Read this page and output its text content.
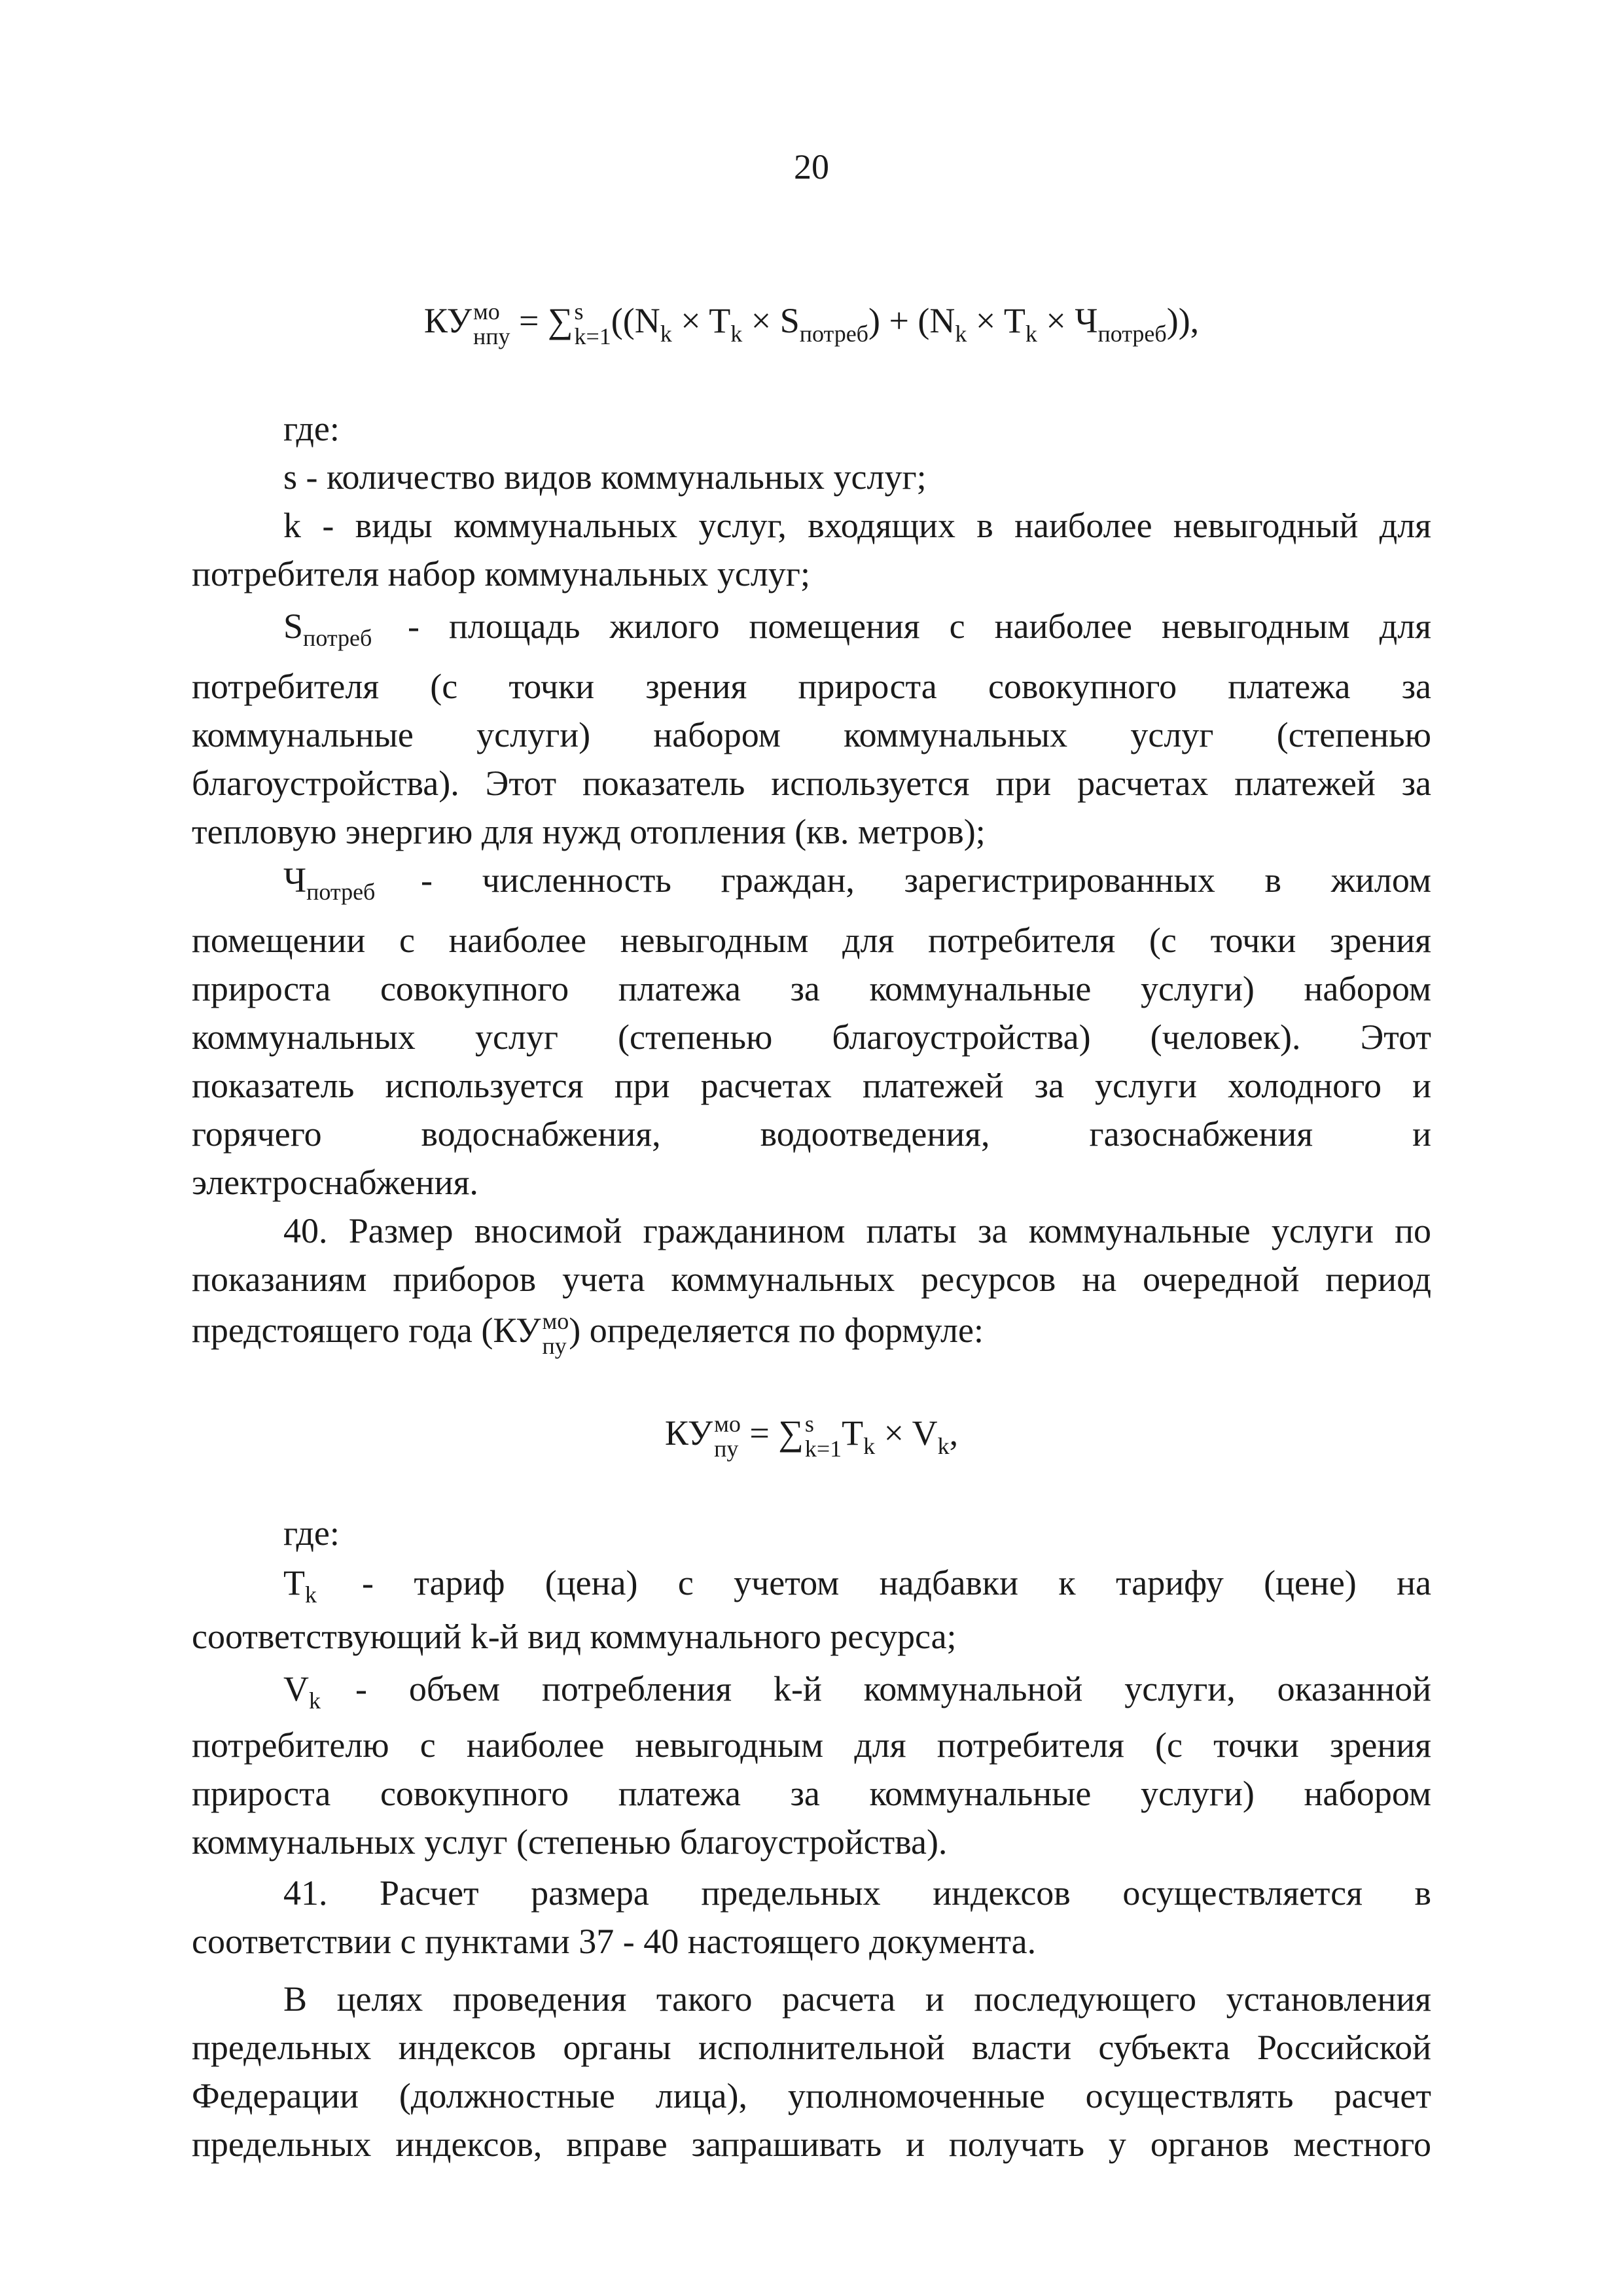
20
КУ мо
нпу = ∑ s
k=1 $((N_k \times T_k \times S_{потреб}) + (N_k \times T_k \times Ч_{потреб}))$,
где:
s - количество видов коммунальных услуг;
k - виды коммунальных услуг, входящих в наиболее невыгодный для
потребителя набор коммунальных услуг;
$S_{потреб}$ - площадь жилого помещения с наиболее невыгодным для
потребителя (с точки зрения прироста совокупного платежа за
коммунальные услуги) набором коммунальных услуг (степенью
благоустройства). Этот показатель используется при расчетах платежей за
тепловую энергию для нужд отопления (кв. метров);
$Ч_{потреб}$ - численность граждан, зарегистрированных в жилом
помещении с наиболее невыгодным для потребителя (с точки зрения
прироста совокупного платежа за коммунальные услуги) набором
коммунальных услуг (степенью благоустройства) (человек). Этот
показатель используется при расчетах платежей за услуги холодного и
горячего водоснабжения, водоотведения, газоснабжения и
электроснабжения.
40. Размер вносимой гражданином платы за коммунальные услуги по
показаниям приборов учета коммунальных ресурсов на очередной период
предстоящего года (КУ мо
пу ) определяется по формуле:
КУ мо
пу = ∑ s
k=1 $T_k \times V_k$,
где:
$T_k$ - тариф (цена) с учетом надбавки к тарифу (цене) на
соответствующий k-й вид коммунального ресурса;
$V_k$ - объем потребления k-й коммунальной услуги, оказанной
потребителю с наиболее невыгодным для потребителя (с точки зрения
прироста совокупного платежа за коммунальные услуги) набором
коммунальных услуг (степенью благоустройства).
41. Расчет размера предельных индексов осуществляется в
соответствии с пунктами 37 - 40 настоящего документа.
В целях проведения такого расчета и последующего установления
предельных индексов органы исполнительной власти субъекта Российской
Федерации (должностные лица), уполномоченные осуществлять расчет
предельных индексов, вправе запрашивать и получать у органов местного
